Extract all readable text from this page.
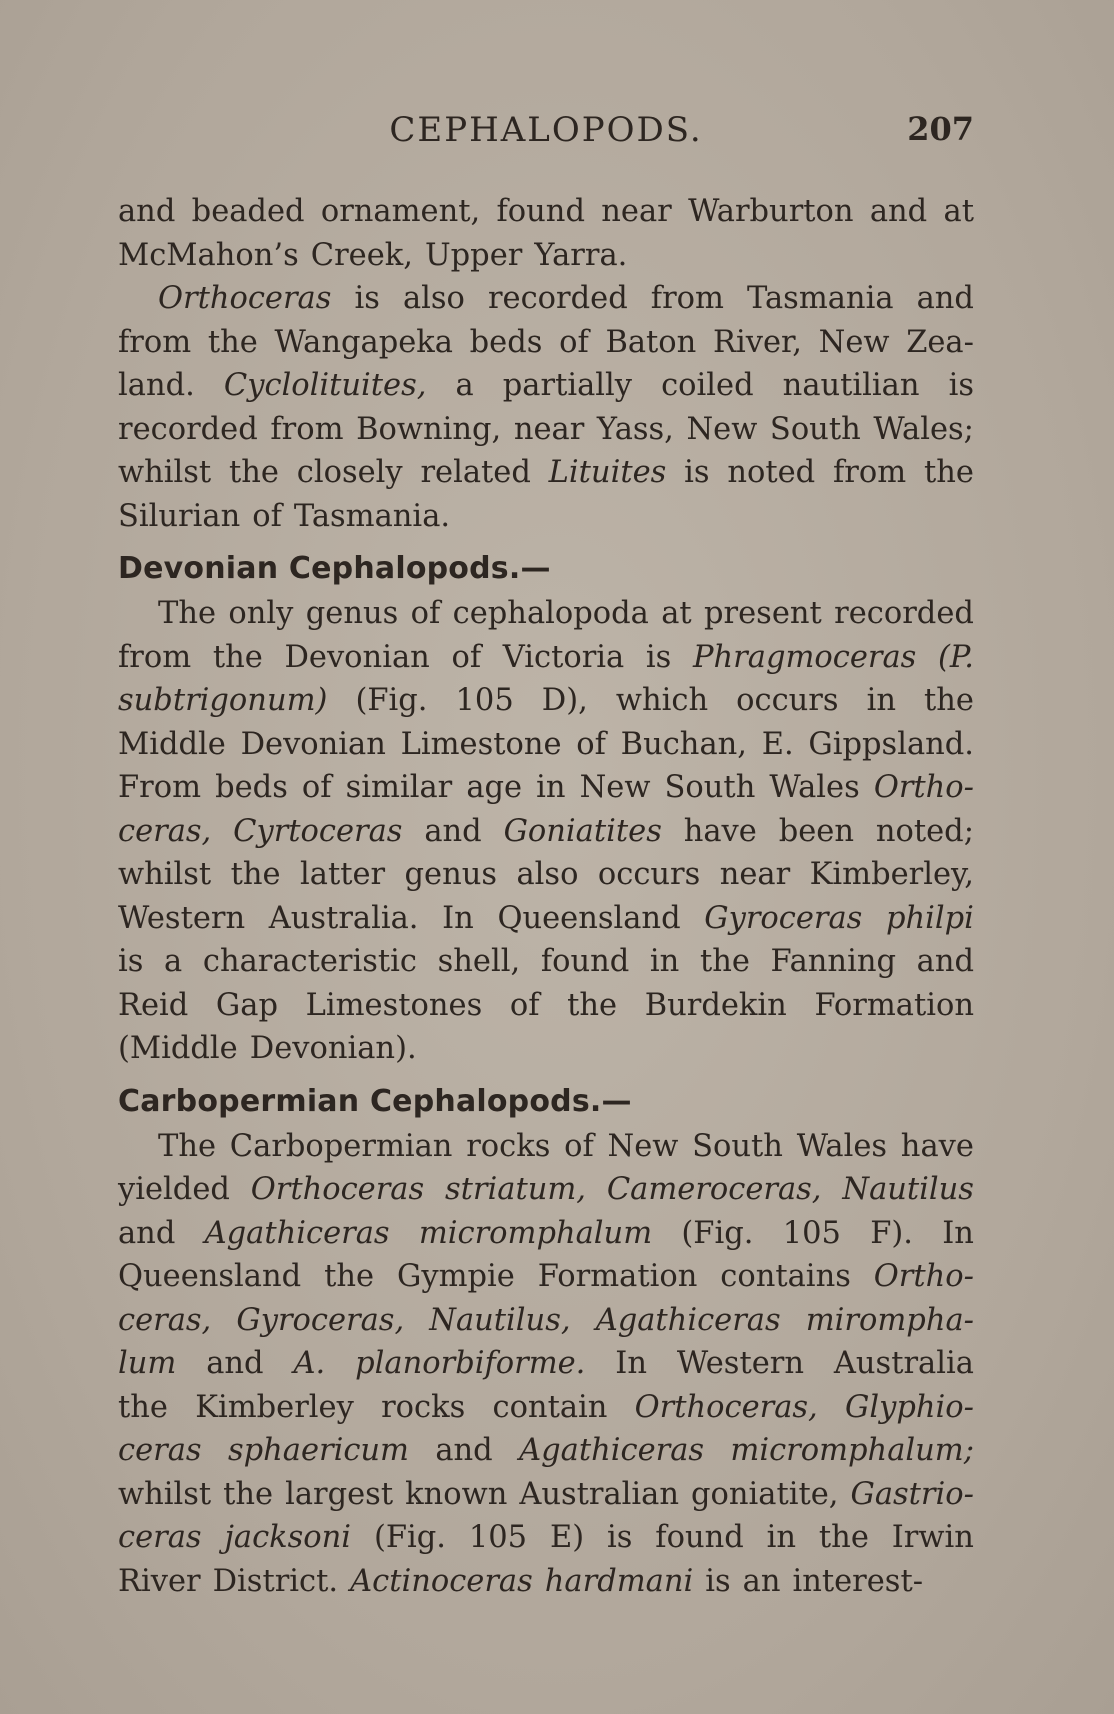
CEPHALOPODS.	207
and beaded ornament, found near Warburton and at
McMahon’s Creek, Upper Yarra.
Orthoceras is also recorded from Tasmania and
from the Wangapeka beds of Baton River, New Zea-
land. Cyclolituites, a partially coiled nautilian is
recorded from Bowning, near Yass, New South Wales;
whilst the closely related Lituites is noted from the
Silurian of Tasmania.
Devonian Cephalopods.—
The only genus of cephalopoda at present recorded
from the Devonian of Victoria is Phragmoceras (P.
subtrigonum) (Fig. 105 D), which occurs in the
Middle Devonian Limestone of Buchan, E. Gippsland.
From beds of similar age in New South Wales Ortho-
ceras, Cyrtoceras and Goniatites have been noted;
whilst the latter genus also occurs near Kimberley,
Western Australia. In Queensland Gyroceras philpi
is a characteristic shell, found in the Fanning and
Reid Gap Limestones of the Burdekin Formation
(Middle Devonian).
Carbopermian Cephalopods.—
The Carbopermian rocks of New South Wales have
yielded Orthoceras striatum, Cameroceras, Nautilus
and Agathiceras micromphalum (Fig. 105 F). In
Queensland the Gympie Formation contains Ortho-
ceras, Gyroceras, Nautilus, Agathiceras mirompha-
lum and A. planorbiforme. In Western Australia
the Kimberley rocks contain Orthoceras, Glyphio-
ceras sphaericum and Agathiceras micromphalum;
whilst the largest known Australian goniatite, Gastrio-
ceras jacksoni (Fig. 105 E) is found in the Irwin
River District. Actinoceras hardmani is an interest-
